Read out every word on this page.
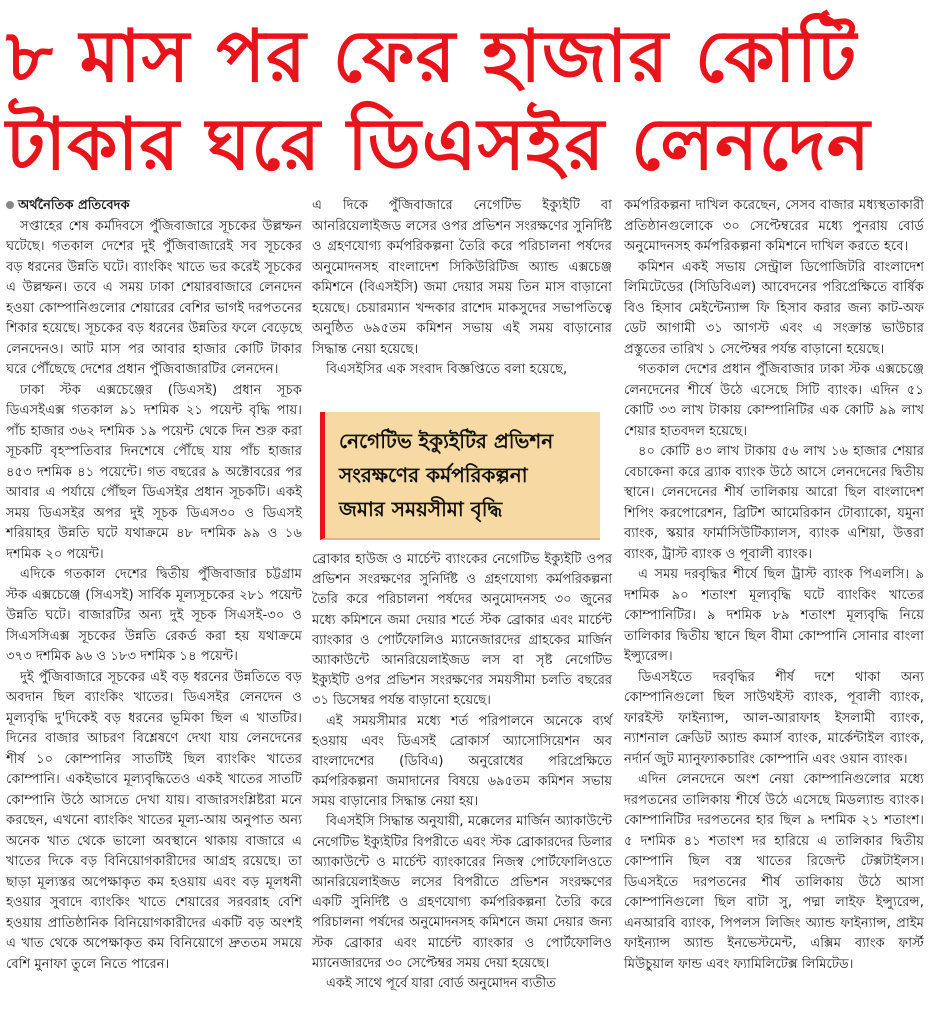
৮ মাস পর ফের হাজার কোটি
টাকার ঘরে ডিএসইর লেনদেন
অর্থনৈতিক প্রতিবেদক

সপ্তাহের শেষ কর্মদিবসে পুঁজিবাজারে সূচকের উল্লম্ফন ঘটেছে। গতকাল দেশের দুই পুঁজিবাজারেই সব সূচকের বড় ধরনের উন্নতি ঘটে। ব্যাংকিং খাতে ভর করেই সূচকের এ উল্লম্ফন। তবে এ সময় ঢাকা শেয়ারবাজারে লেনদেন হওয়া কোম্পানিগুলোর শেয়ারের বেশির ভাগই দরপতনের শিকার হয়েছে। সূচকের বড় ধরনের উন্নতির ফলে বেড়েছে লেনদেনও। আট মাস পর আবার হাজার কোটি টাকার ঘরে পৌঁছেছে দেশের প্রধান পুঁজিবাজারটির লেনদেন।

ঢাকা স্টক এক্সচেঞ্জের (ডিএসই) প্রধান সূচক ডিএসইএক্স গতকাল ৯১ দশমিক ২১ পয়েন্ট বৃদ্ধি পায়। পাঁচ হাজার ৩৬২ দশমিক ১৯ পয়েন্ট থেকে দিন শুরু করা সূচকটি বৃহস্পতিবার দিনশেষে পৌঁছে যায় পাঁচ হাজার ৪৫৩ দশমিক ৪১ পয়েন্টে। গত বছরের ৯ অক্টোবরের পর আবার এ পর্যায়ে পৌঁছল ডিএসইর প্রধান সূচকটি। একই সময় ডিএসইর অপর দুই সূচক ডিএস৩০ ও ডিএসই শরিয়াহর উন্নতি ঘটে যথাক্রমে ৪৮ দশমিক ৯৯ ও ১৬ দশমিক ২০ পয়েন্ট।

এদিকে গতকাল দেশের দ্বিতীয় পুঁজিবাজার চট্টগ্রাম স্টক এক্সচেঞ্জে (সিএসই) সার্বিক মূল্যসূচকের ২৮১ পয়েন্ট উন্নতি ঘটে। বাজারটির অন্য দুই সূচক সিএসই-৩০ ও সিএসসিএক্স সূচকের উন্নতি রেকর্ড করা হয় যথাক্রমে ৩৭৩ দশমিক ৯৬ ও ১৮৩ দশমিক ১৪ পয়েন্ট।

দুই পুঁজিবাজারে সূচকের এই বড় ধরনের উন্নতিতে বড় অবদান ছিল ব্যাংকিং খাতের। ডিএসইর লেনদেন ও মূল্যবৃদ্ধি দু'দিকেই বড় ধরনের ভূমিকা ছিল এ খাতটির। দিনের বাজার আচরণ বিশ্লেষণে দেখা যায় লেনদেনের শীর্ষ ১০ কোম্পানির সাতটিই ছিল ব্যাংকিং খাতের কোম্পানি। একইভাবে মূল্যবৃদ্ধিতেও একই খাতের সাতটি কোম্পানি উঠে আসতে দেখা যায়। বাজারসংশ্লিষ্টরা মনে করছেন, এখনো ব্যাংকিং খাতের মূল্য-আয় অনুপাত অন্য অনেক খাত থেকে ভালো অবস্থানে থাকায় বাজারে এ খাতের দিকে বড় বিনিয়োগকারীদের আগ্রহ রয়েছে। তা ছাড়া মূল্যস্তর অপেক্ষাকৃত কম হওয়ায় এবং বড় মূলধনী হওয়ার সুবাদে ব্যাংকিং খাতে শেয়ারের সরবরাহ বেশি হওয়ায় প্রাতিষ্ঠানিক বিনিয়োগকারীদের একটি বড় অংশই এ খাত থেকে অপেক্ষাকৃত কম বিনিয়োগে দ্রুততম সময়ে বেশি মুনাফা তুলে নিতে পারেন।

এ দিকে পুঁজিবাজারে নেগেটিভ ইক্যুইটি বা আনরিয়েলাইজড লসের ওপর প্রভিশন সংরক্ষণের সুনির্দিষ্ট ও গ্রহণযোগ্য কর্মপরিকল্পনা তৈরি করে পরিচালনা পর্ষদের অনুমোদনসহ বাংলাদেশ সিকিউরিটিজ অ্যান্ড এক্সচেঞ্জ কমিশনে (বিএসইসি) জমা দেয়ার সময় তিন মাস বাড়ানো হয়েছে। চেয়ারম্যান খন্দকার রাশেদ মাকসুদের সভাপতিত্বে অনুষ্ঠিত ৬৯৫তম কমিশন সভায় এই সময় বাড়ানোর সিদ্ধান্ত নেয়া হয়েছে।

বিএসইসির এক সংবাদ বিজ্ঞপ্তিতে বলা হয়েছে,

নেগেটিভ ইক্যুইটির প্রভিশন
সংরক্ষণের কর্মপরিকল্পনা
জমার সময়সীমা বৃদ্ধি

ব্রোকার হাউজ ও মার্চেন্ট ব্যাংকের নেগেটিভ ইক্যুইটি ওপর প্রভিশন সংরক্ষণের সুনির্দিষ্ট ও গ্রহণযোগ্য কর্মপরিকল্পনা তৈরি করে পরিচালনা পর্ষদের অনুমোদনসহ ৩০ জুনের মধ্যে কমিশনে জমা দেয়ার শর্তে স্টক ব্রোকার এবং মার্চেন্ট ব্যাংকার ও পোর্টফোলিও ম্যানেজারদের গ্রাহকের মার্জিন অ্যাকাউন্টে আনরিয়েলাইজড লস বা সৃষ্ট নেগেটিভ ইক্যুইটি ওপর প্রভিশন সংরক্ষণের সময়সীমা চলতি বছরের ৩১ ডিসেম্বর পর্যন্ত বাড়ানো হয়েছে।

এই সময়সীমার মধ্যে শর্ত পরিপালনে অনেকে ব্যর্থ হওয়ায় এবং ডিএসই ব্রোকার্স অ্যাসোসিয়েশন অব বাংলাদেশের (ডিবিএ) অনুরোধের পরিপ্রেক্ষিতে কর্মপরিকল্পনা জমাদানের বিষয়ে ৬৯৫তম কমিশন সভায় সময় বাড়ানোর সিদ্ধান্ত নেয়া হয়।

বিএসইসি সিদ্ধান্ত অনুযায়ী, মক্কেলের মার্জিন অ্যাকাউন্টে নেগেটিভ ইক্যুইটির বিপরীতে এবং স্টক ব্রোকারদের ডিলার অ্যাকাউন্টে ও মার্চেন্ট ব্যাংকারের নিজস্ব পোর্টফোলিওতে আনরিয়েলাইজড লসের বিপরীতে প্রভিশন সংরক্ষণের একটি সুনির্দিষ্ট ও গ্রহণযোগ্য কর্মপরিকল্পনা তৈরি করে পরিচালনা পর্ষদের অনুমোদনসহ কমিশনে জমা দেয়ার জন্য স্টক ব্রোকার এবং মার্চেন্ট ব্যাংকার ও পোর্টফোলিও ম্যানেজারদের ৩০ সেপ্টেম্বর সময় দেয়া হয়েছে।

একই সাথে পূর্বে যারা বোর্ড অনুমোদন ব্যতীত

কর্মপরিকল্পনা দাখিল করেছেন, সেসব বাজার মধ্যস্থতাকারী প্রতিষ্ঠানগুলোকে ৩০ সেপ্টেম্বরের মধ্যে পুনরায় বোর্ড অনুমোদনসহ কর্মপরিকল্পনা কমিশনে দাখিল করতে হবে।

কমিশন একই সভায় সেন্ট্রাল ডিপোজিটরি বাংলাদেশ লিমিটেডের (সিডিবিএল) আবেদনের পরিপ্রেক্ষিতে বার্ষিক বিও হিসাব মেইন্টেন্যান্স ফি হিসাব করার জন্য কাট-অফ ডেট আগামী ৩১ আগস্ট এবং এ সংক্রান্ত ভাউচার প্রস্তুতের তারিখ ১ সেপ্টেম্বর পর্যন্ত বাড়ানো হয়েছে।

গতকাল দেশের প্রধান পুঁজিবাজার ঢাকা স্টক এক্সচেঞ্জে লেনদেনের শীর্ষে উঠে এসেছে সিটি ব্যাংক। এদিন ৫১ কোটি ৩৩ লাখ টাকায় কোম্পানিটির এক কোটি ৯৯ লাখ শেয়ার হাতবদল হয়েছে।

৪০ কোটি ৪৩ লাখ টাকায় ৫৬ লাখ ১৬ হাজার শেয়ার বেচাকেনা করে ব্র্যাক ব্যাংক উঠে আসে লেনদেনের দ্বিতীয় স্থানে। লেনদেনের শীর্ষ তালিকায় আরো ছিল বাংলাদেশ শিপিং করপোরেশন, ব্রিটিশ আমেরিকান টোব্যাকো, যমুনা ব্যাংক, স্কয়ার ফার্মাসিউটিক্যালস, ব্যাংক এশিয়া, উত্তরা ব্যাংক, ট্রাস্ট ব্যাংক ও পূবালী ব্যাংক।

এ সময় দরবৃদ্ধির শীর্ষে ছিল ট্রাস্ট ব্যাংক পিএলসি। ৯ দশমিক ৯০ শতাংশ মূল্যবৃদ্ধি ঘটে ব্যাংকিং খাতের কোম্পানিটির। ৯ দশমিক ৮৯ শতাংশ মূল্যবৃদ্ধি নিয়ে তালিকার দ্বিতীয় স্থানে ছিল বীমা কোম্পানি সোনার বাংলা ইন্স্যুরেন্স।

ডিএসইতে দরবৃদ্ধির শীর্ষ দশে থাকা অন্য কোম্পানিগুলো ছিল সাউথইস্ট ব্যাংক, পূবালী ব্যাংক, ফারইস্ট ফাইন্যান্স, আল-আরাফাহ ইসলামী ব্যাংক, ন্যাশনাল ক্রেডিট অ্যান্ড কমার্স ব্যাংক, মার্কেন্টাইল ব্যাংক, নর্দার্ন জুট ম্যানুফ্যাকচারিং কোম্পানি এবং ওয়ান ব্যাংক।

এদিন লেনদেনে অংশ নেয়া কোম্পানিগুলোর মধ্যে দরপতনের তালিকায় শীর্ষে উঠে এসেছে মিডল্যান্ড ব্যাংক। কোম্পানিটির দরপতনের হার ছিল ৯ দশমিক ২১ শতাংশ। ৫ দশমিক ৪১ শতাংশ দর হারিয়ে এ তালিকার দ্বিতীয় কোম্পানি ছিল বস্ত্র খাতের রিজেন্ট টেক্সটাইলস। ডিএসইতে দরপতনের শীর্ষ তালিকায় উঠে আসা কোম্পানিগুলো ছিল বাটা সু, পদ্মা লাইফ ইন্স্যুরেন্স, এনআরবি ব্যাংক, পিপলস লিজিং অ্যান্ড ফাইন্যান্স, প্রাইম ফাইন্যান্স অ্যান্ড ইনভেস্টমেন্ট, এক্সিম ব্যাংক ফার্স্ট মিউচুয়াল ফান্ড এবং ফ্যামিলিটেক্স লিমিটেড।
